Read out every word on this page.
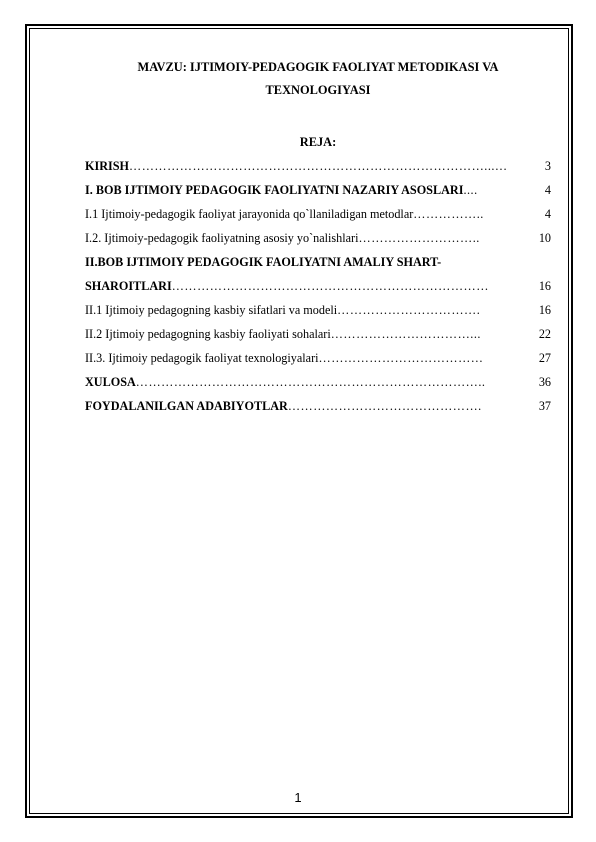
MAVZU: IJTIMOIY-PEDAGOGIK FAOLIYAT METODIKASI VA
TEXNOLOGIYASI
REJA:
KIRISH …………………………………………………………………………...…	3
I. BOB IJTIMOIY PEDAGOGIK FAOLIYATNI NAZARIY ASOSLARI ....	4
I.1 Ijtimoiy-pedagogik faoliyat jarayonida qo`llaniladigan metodlar ……………..	4
I.2. Ijtimoiy-pedagogik faoliyatning asosiy yo`nalishlari ………………………..	10
II.BOB IJTIMOIY PEDAGOGIK FAOLIYATNI AMALIY SHART-
SHAROITLARI …………………………………………………………………	16
II.1 Ijtimoiy pedagogning kasbiy sifatlari va modeli …………………………….	16
II.2 Ijtimoiy pedagogning kasbiy faoliyati sohalari ……………………………...	22
II.3. Ijtimoiy pedagogik faoliyat texnologiyalari …………………………………	27
XULOSA ………………………………………………………………………..	36
FOYDALANILGAN ADABIYOTLAR ……………………………………….	37
1
